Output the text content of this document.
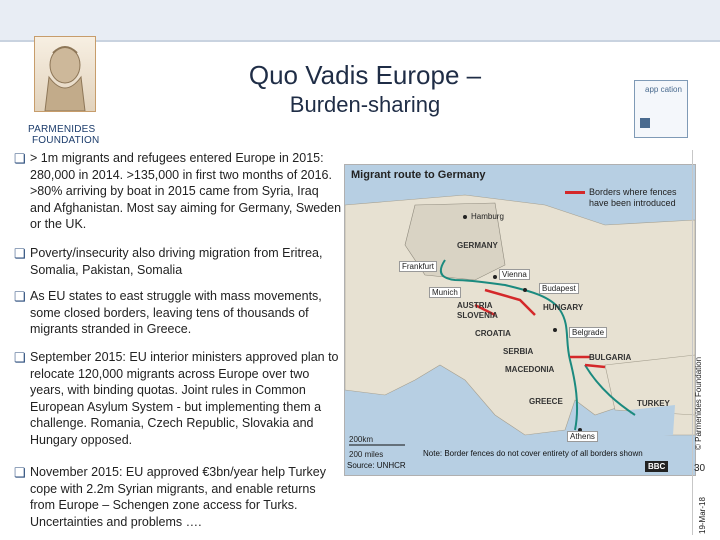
PARMENIDES
FOUNDATION
Quo Vadis Europe –
Burden-sharing
app cation
❏ > 1m migrants and refugees entered Europe in 2015: 280,000 in 2014. >135,000 in first two months of 2016. >80% arriving by boat in 2015 came from Syria, Iraq and Afghanistan. Most say aiming for Germany, Sweden or the UK.
❏ Poverty/insecurity also driving migration from Eritrea, Somalia, Pakistan, Somalia
❏ As EU states to east struggle with mass movements, some closed borders, leaving tens of thousands of migrants stranded in Greece.
❏ September 2015: EU interior ministers approved plan to relocate 120,000 migrants across Europe over two years, with binding quotas. Joint rules in Common European Asylum System - but implementing them a challenge. Romania, Czech Republic, Slovakia and Hungary opposed.
❏ November 2015: EU approved €3bn/year help Turkey cope with 2.2m Syrian migrants, and enable returns from Europe – Schengen zone access for Turks. Uncertainties and problems ….
Migrant route to Germany
Borders where fences have been introduced
Hamburg
GERMANY
Frankfurt
Vienna
Munich	Budapest
AUSTRIA
SLOVENIA
HUNGARY
CROATIA	Belgrade
SERBIA
BULGARIA
MACEDONIA
GREECE	TURKEY
Athens
200km
200 miles	Note: Border fences do not cover entirety of all borders shown
Source: UNHCR	BBC
© Parmenides Foundation
30
19-Mar-18
